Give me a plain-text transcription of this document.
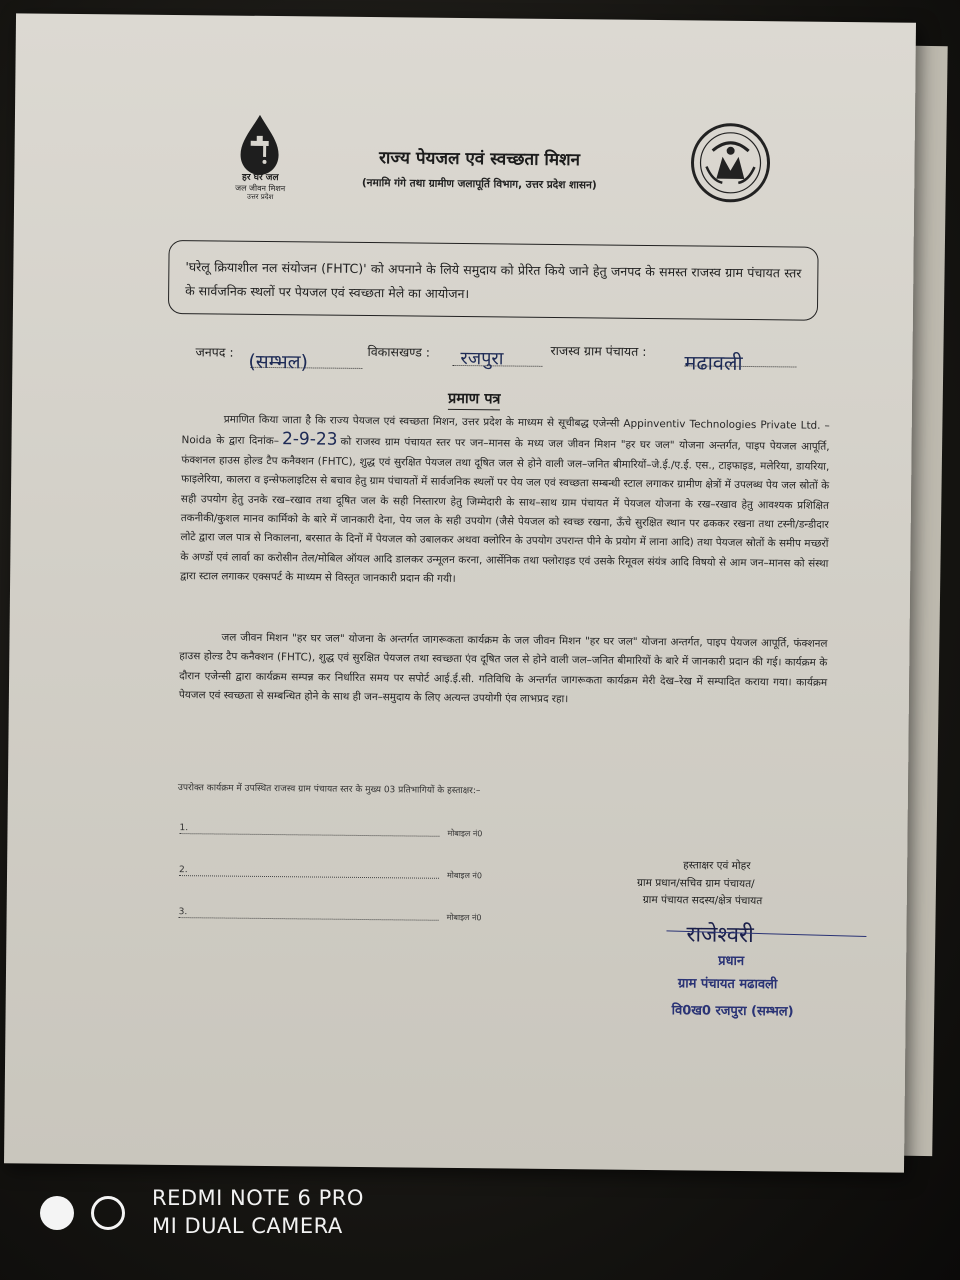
हर घर जल
जल जीवन मिशन
उत्तर प्रदेश
राज्य पेयजल एवं स्वच्छता मिशन
(नमामि गंगे तथा ग्रामीण जलापूर्ति विभाग, उत्तर प्रदेश शासन)
'घरेलू क्रियाशील नल संयोजन (FHTC)' को अपनाने के लिये समुदाय को प्रेरित किये जाने हेतु जनपद के समस्त राजस्व ग्राम पंचायत स्तर के सार्वजनिक स्थलों पर पेयजल एवं स्वच्छता मेले का आयोजन।
जनपद : (सम्भल)	विकासखण्ड : रजपुरा	राजस्व ग्राम पंचायत : मढावली
प्रमाण पत्र

प्रमाणित किया जाता है कि राज्य पेयजल एवं स्वच्छता मिशन, उत्तर प्रदेश के माध्यम से सूचीबद्ध एजेन्सी Appinventiv Technologies Private Ltd. – Noida के द्वारा दिनांक– 2-9-23 को राजस्व ग्राम पंचायत स्तर पर जन–मानस के मध्य जल जीवन मिशन "हर घर जल" योजना अन्तर्गत, पाइप पेयजल आपूर्ति, फंक्शनल हाउस होल्ड टैप कनैक्शन (FHTC), शुद्ध एवं सुरक्षित पेयजल तथा दूषित जल से होने वाली जल–जनित बीमारियों–जे.ई./ए.ई. एस., टाइफाइड, मलेरिया, डायरिया, फाइलेरिया, कालरा व इन्सेफलाइटिस से बचाव हेतु ग्राम पंचायतों में सार्वजनिक स्थलों पर पेय जल एवं स्वच्छता सम्बन्धी स्टाल लगाकर ग्रामीण क्षेत्रों में उपलब्ध पेय जल स्रोतों के सही उपयोग हेतु उनके रख–रखाव तथा दूषित जल के सही निस्तारण हेतु जिम्मेदारी के साथ–साथ ग्राम पंचायत में पेयजल योजना के रख–रखाव हेतु आवश्यक प्रशिक्षित तकनीकी/कुशल मानव कार्मिको के बारे में जानकारी देना, पेय जल के सही उपयोग (जैसे पेयजल को स्वच्छ रखना, ऊँचे सुरक्षित स्थान पर ढककर रखना तथा टस्नी/डन्डीदार लोटे द्वारा जल पात्र से निकालना, बरसात के दिनों में पेयजल को उबालकर अथवा क्लोरिन के उपयोग उपरान्त पीने के प्रयोग में लाना आदि) तथा पेयजल स्रोतों के समीप मच्छरों के अण्डों एवं लार्वा का करोसीन तेल/मोबिल ऑयल आदि डालकर उन्मूलन करना, आर्सेनिक तथा फ्लोराइड एवं उसके रिमूवल संयंत्र आदि विषयो से आम जन–मानस को संस्था द्वारा स्टाल लगाकर एक्सपर्ट के माध्यम से विस्तृत जानकारी प्रदान की गयी।

जल जीवन मिशन "हर घर जल" योजना के अन्तर्गत जागरूकता कार्यक्रम के जल जीवन मिशन "हर घर जल" योजना अन्तर्गत, पाइप पेयजल आपूर्ति, फंक्शनल हाउस होल्ड टैप कनैक्शन (FHTC), शुद्ध एवं सुरक्षित पेयजल तथा स्वच्छता एंव दूषित जल से होने वाली जल–जनित बीमारियों के बारे में जानकारी प्रदान की गई। कार्यक्रम के दौरान एजेन्सी द्वारा कार्यक्रम सम्पन्न कर निर्धारित समय पर सपोर्ट आई.ई.सी. गतिविधि के अन्तर्गत जागरूकता कार्यक्रम मेरी देख–रेख में सम्पादित कराया गया। कार्यक्रम पेयजल एवं स्वच्छता से सम्बन्धित होने के साथ ही जन–समुदाय के लिए अत्यन्त उपयोगी एंव लाभप्रद रहा।

उपरोक्त कार्यक्रम में उपस्थित राजस्व ग्राम पंचायत स्तर के मुख्य 03 प्रतिभागियों के हस्ताक्षर:–
1.
मोबाइल नं0
2.
मोबाइल नं0
3.
मोबाइल नं0
हस्ताक्षर एवं मोहर
ग्राम प्रधान/सचिव ग्राम पंचायत/
ग्राम पंचायत सदस्य/क्षेत्र पंचायत
राजेश्वरी
प्रधान
ग्राम पंचायत मढावली
वि0ख0 रजपुरा (सम्भल)
REDMI NOTE 6 PRO
MI DUAL CAMERA
